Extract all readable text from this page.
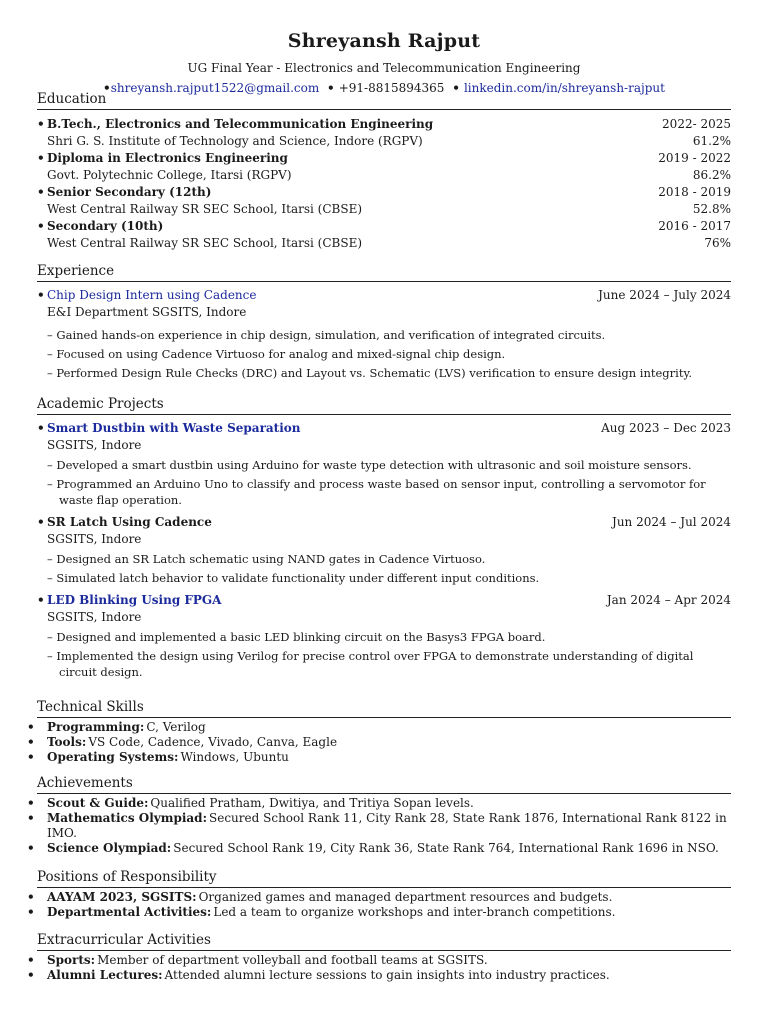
Shreyansh Rajput
UG Final Year - Electronics and Telecommunication Engineering
•shreyansh.rajput1522@gmail.com • +91-8815894365 • linkedin.com/in/shreyansh-rajput
Education
• B.Tech., Electronics and Telecommunication Engineering	2022- 2025
Shri G. S. Institute of Technology and Science, Indore (RGPV)	61.2%
• Diploma in Electronics Engineering	2019 - 2022
Govt. Polytechnic College, Itarsi (RGPV)	86.2%
• Senior Secondary (12th)	2018 - 2019
West Central Railway SR SEC School, Itarsi (CBSE)	52.8%
• Secondary (10th)	2016 - 2017
West Central Railway SR SEC School, Itarsi (CBSE)	76%
Experience
• Chip Design Intern using Cadence	June 2024 – July 2024
E&I Department SGSITS, Indore
– Gained hands-on experience in chip design, simulation, and verification of integrated circuits.
– Focused on using Cadence Virtuoso for analog and mixed-signal chip design.
– Performed Design Rule Checks (DRC) and Layout vs. Schematic (LVS) verification to ensure design integrity.
Academic Projects
• Smart Dustbin with Waste Separation	Aug 2023 – Dec 2023
SGSITS, Indore
– Developed a smart dustbin using Arduino for waste type detection with ultrasonic and soil moisture sensors.
– Programmed an Arduino Uno to classify and process waste based on sensor input, controlling a servomotor for waste flap operation.
• SR Latch Using Cadence	Jun 2024 – Jul 2024
SGSITS, Indore
– Designed an SR Latch schematic using NAND gates in Cadence Virtuoso.
– Simulated latch behavior to validate functionality under different input conditions.
• LED Blinking Using FPGA	Jan 2024 – Apr 2024
SGSITS, Indore
– Designed and implemented a basic LED blinking circuit on the Basys3 FPGA board.
– Implemented the design using Verilog for precise control over FPGA to demonstrate understanding of digital circuit design.
Technical Skills
• Programming: C, Verilog
• Tools: VS Code, Cadence, Vivado, Canva, Eagle
• Operating Systems: Windows, Ubuntu
Achievements
• Scout & Guide: Qualified Pratham, Dwitiya, and Tritiya Sopan levels.
• Mathematics Olympiad: Secured School Rank 11, City Rank 28, State Rank 1876, International Rank 8122 in IMO.
• Science Olympiad: Secured School Rank 19, City Rank 36, State Rank 764, International Rank 1696 in NSO.
Positions of Responsibility
• AAYAM 2023, SGSITS: Organized games and managed department resources and budgets.
• Departmental Activities: Led a team to organize workshops and inter-branch competitions.
Extracurricular Activities
• Sports: Member of department volleyball and football teams at SGSITS.
• Alumni Lectures: Attended alumni lecture sessions to gain insights into industry practices.
